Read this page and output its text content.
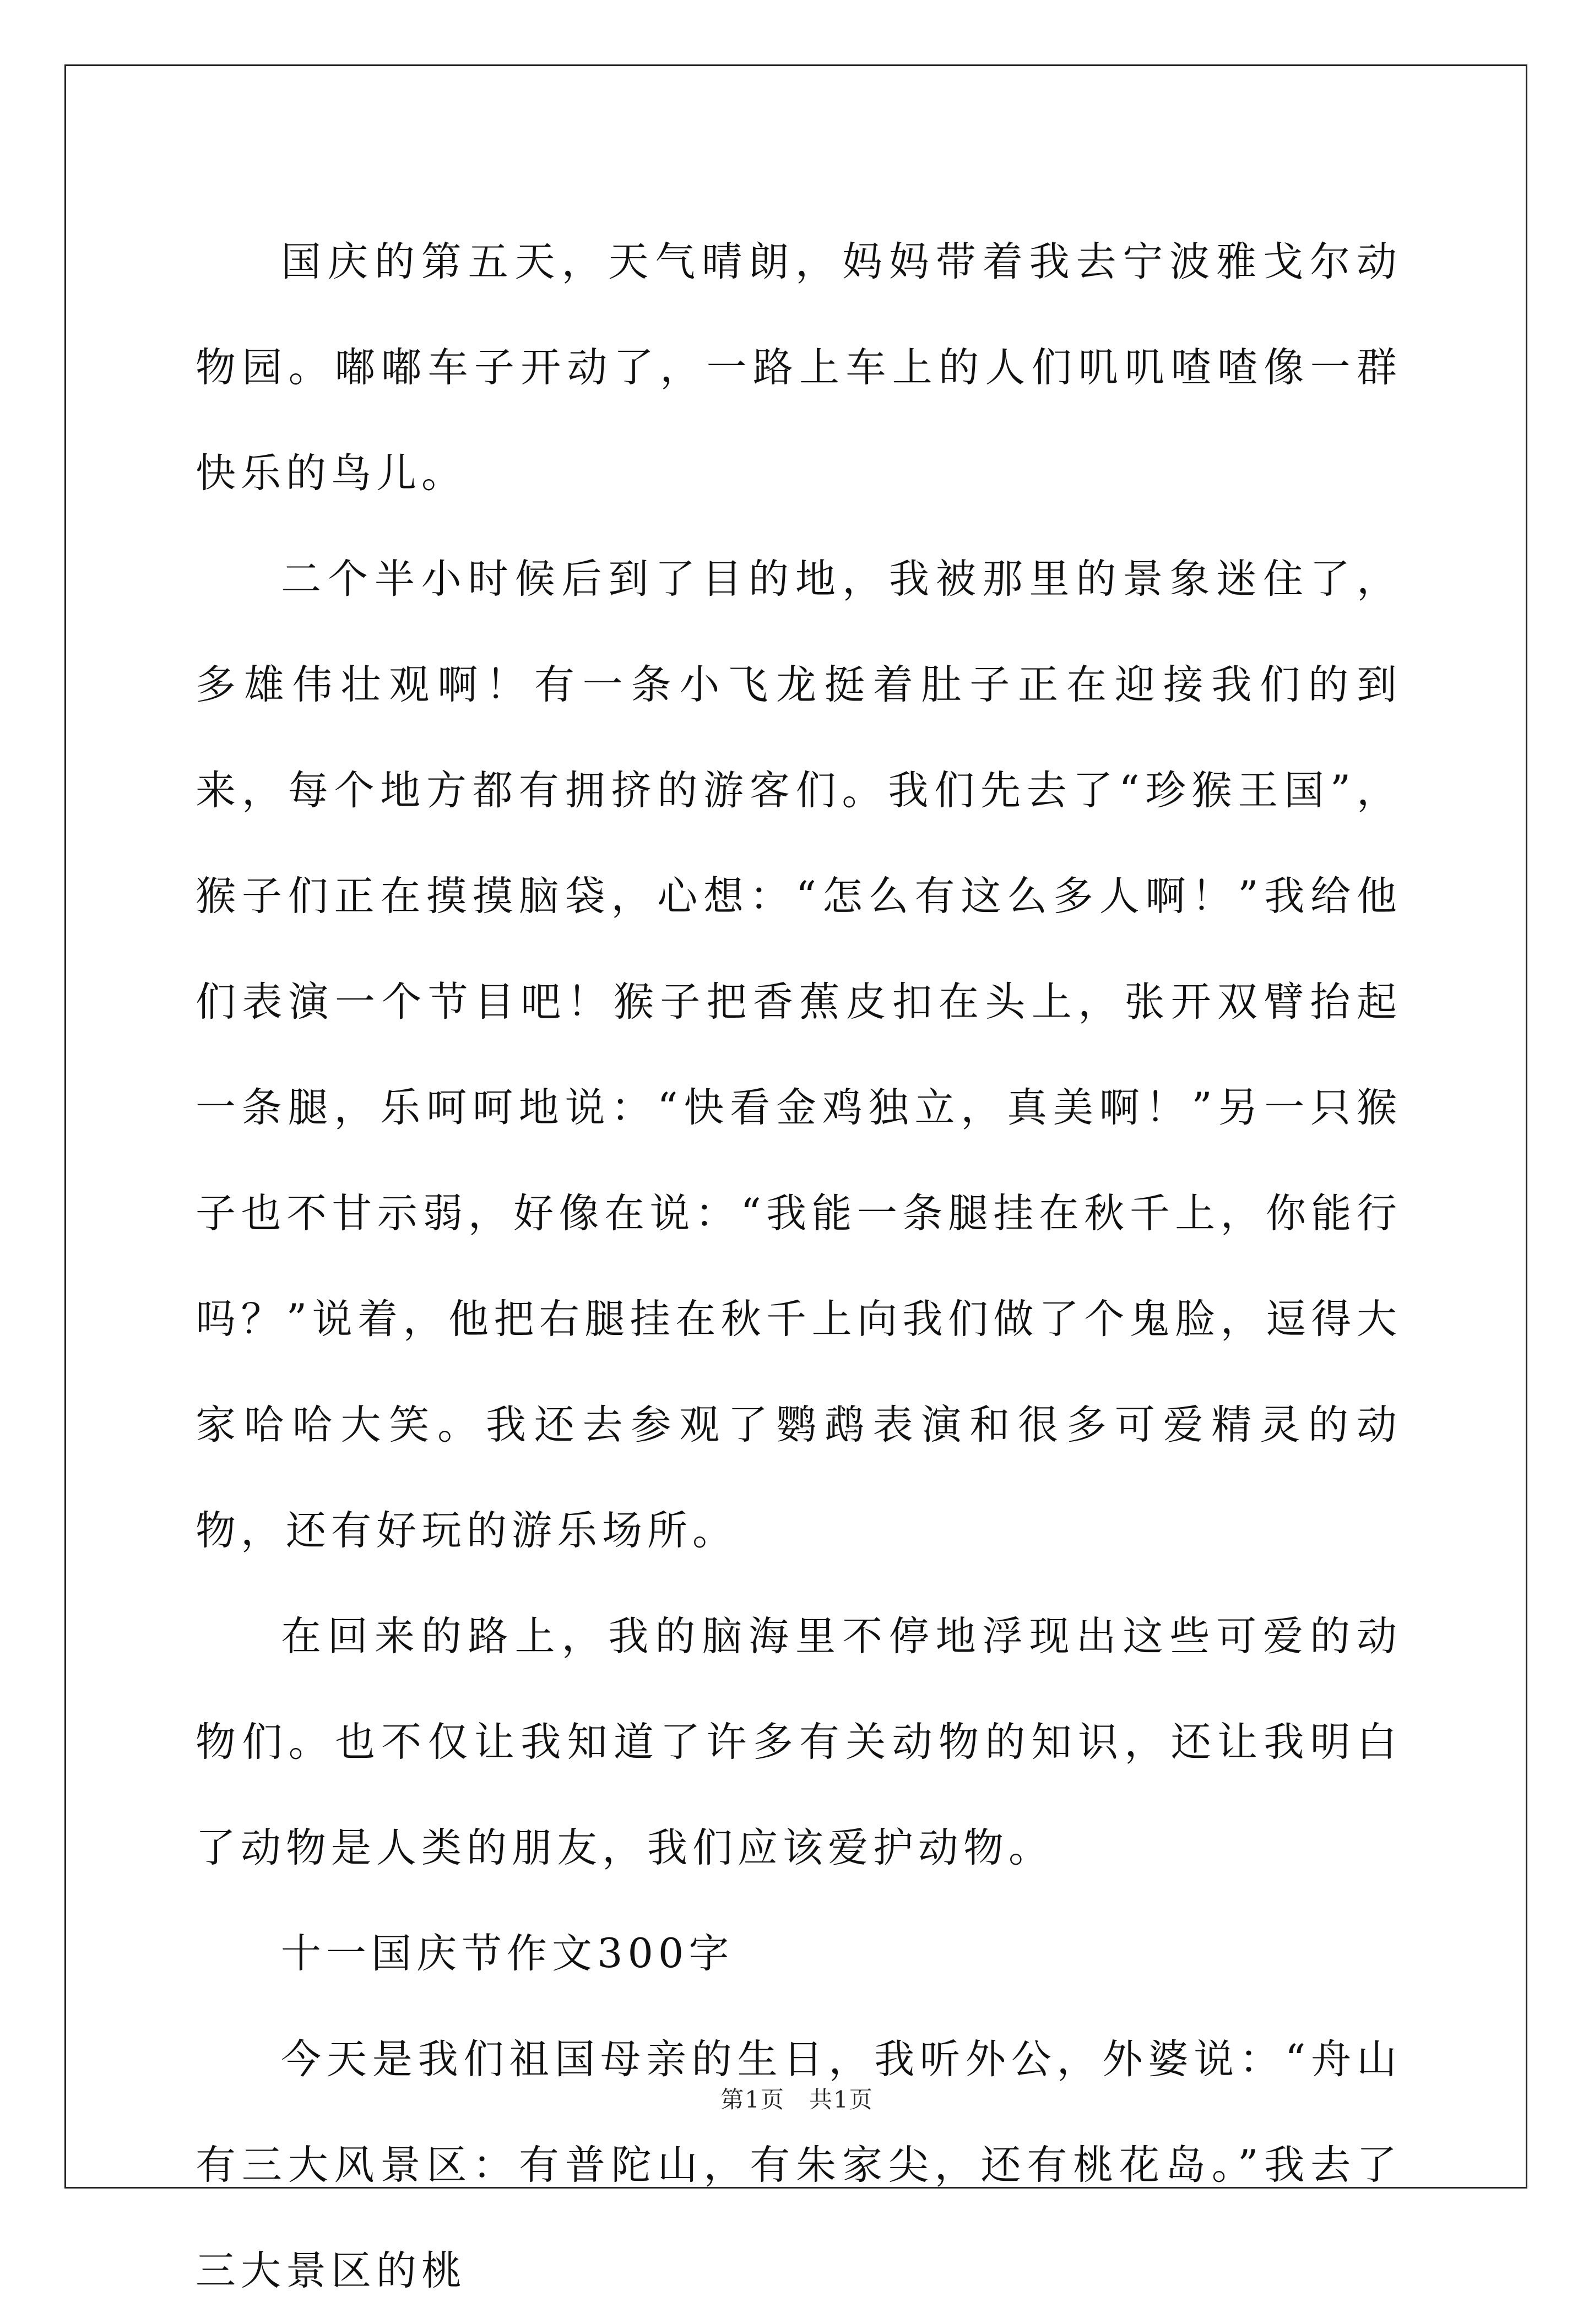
国庆的第五天，天气晴朗，妈妈带着我去宁波雅戈尔动物园。嘟嘟车子开动了，一路上车上的人们叽叽喳喳像一群快乐的鸟儿。

二个半小时候后到了目的地，我被那里的景象迷住了，多雄伟壮观啊！有一条小飞龙挺着肚子正在迎接我们的到来，每个地方都有拥挤的游客们。我们先去了“珍猴王国”，猴子们正在摸摸脑袋，心想：“怎么有这么多人啊！”我给他们表演一个节目吧！猴子把香蕉皮扣在头上，张开双臂抬起一条腿，乐呵呵地说：“快看金鸡独立，真美啊！”另一只猴子也不甘示弱，好像在说：“我能一条腿挂在秋千上，你能行吗？”说着，他把右腿挂在秋千上向我们做了个鬼脸，逗得大家哈哈大笑。我还去参观了鹦鹉表演和很多可爱精灵的动物，还有好玩的游乐场所。

在回来的路上，我的脑海里不停地浮现出这些可爱的动物们。也不仅让我知道了许多有关动物的知识，还让我明白了动物是人类的朋友，我们应该爱护动物。

十一国庆节作文300字

今天是我们祖国母亲的生日，我听外公，外婆说：“舟山有三大风景区：有普陀山，有朱家尖，还有桃花岛。”我去了三大景区的桃

第1页　共1页
